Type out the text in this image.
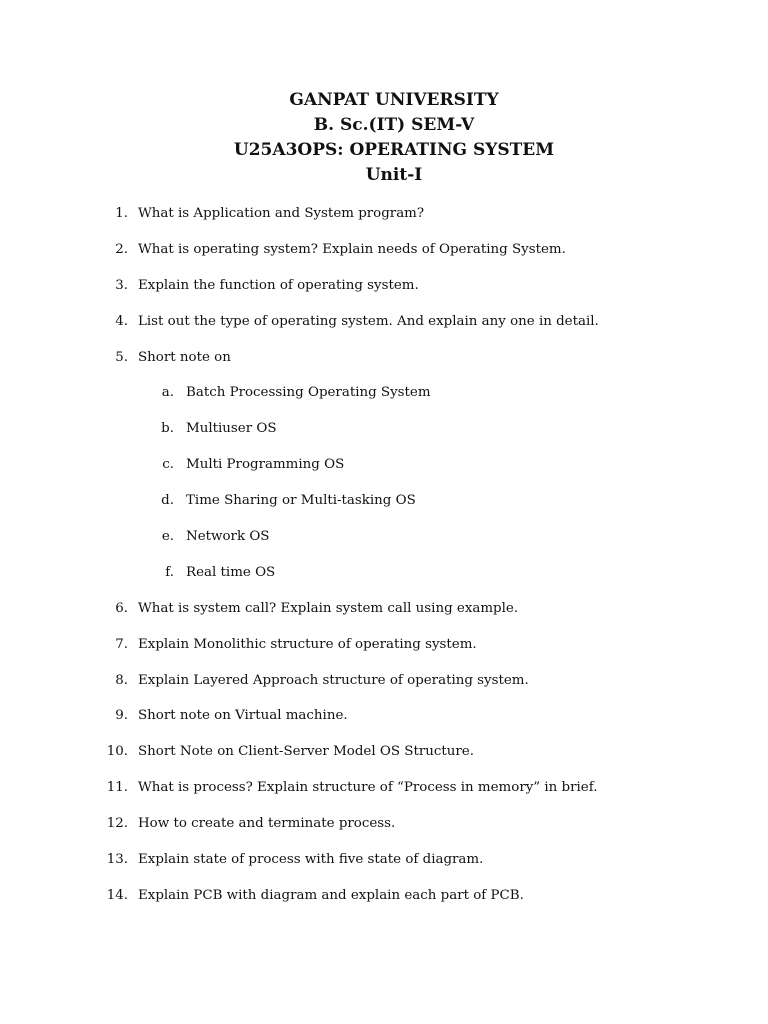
GANPAT UNIVERSITY
B. Sc.(IT) SEM-V
U25A3OPS: OPERATING SYSTEM
Unit-I
1. What is Application and System program?
2. What is operating system? Explain needs of Operating System.
3. Explain the function of operating system.
4. List out the type of operating system. And explain any one in detail.
5. Short note on
a. Batch Processing Operating System
b. Multiuser OS
c. Multi Programming OS
d. Time Sharing or Multi-tasking OS
e. Network OS
f. Real time OS
6. What is system call? Explain system call using example.
7. Explain Monolithic structure of operating system.
8. Explain Layered Approach structure of operating system.
9. Short note on Virtual machine.
10. Short Note on Client-Server Model OS Structure.
11. What is process? Explain structure of “Process in memory” in brief.
12. How to create and terminate process.
13. Explain state of process with five state of diagram.
14. Explain PCB with diagram and explain each part of PCB.
